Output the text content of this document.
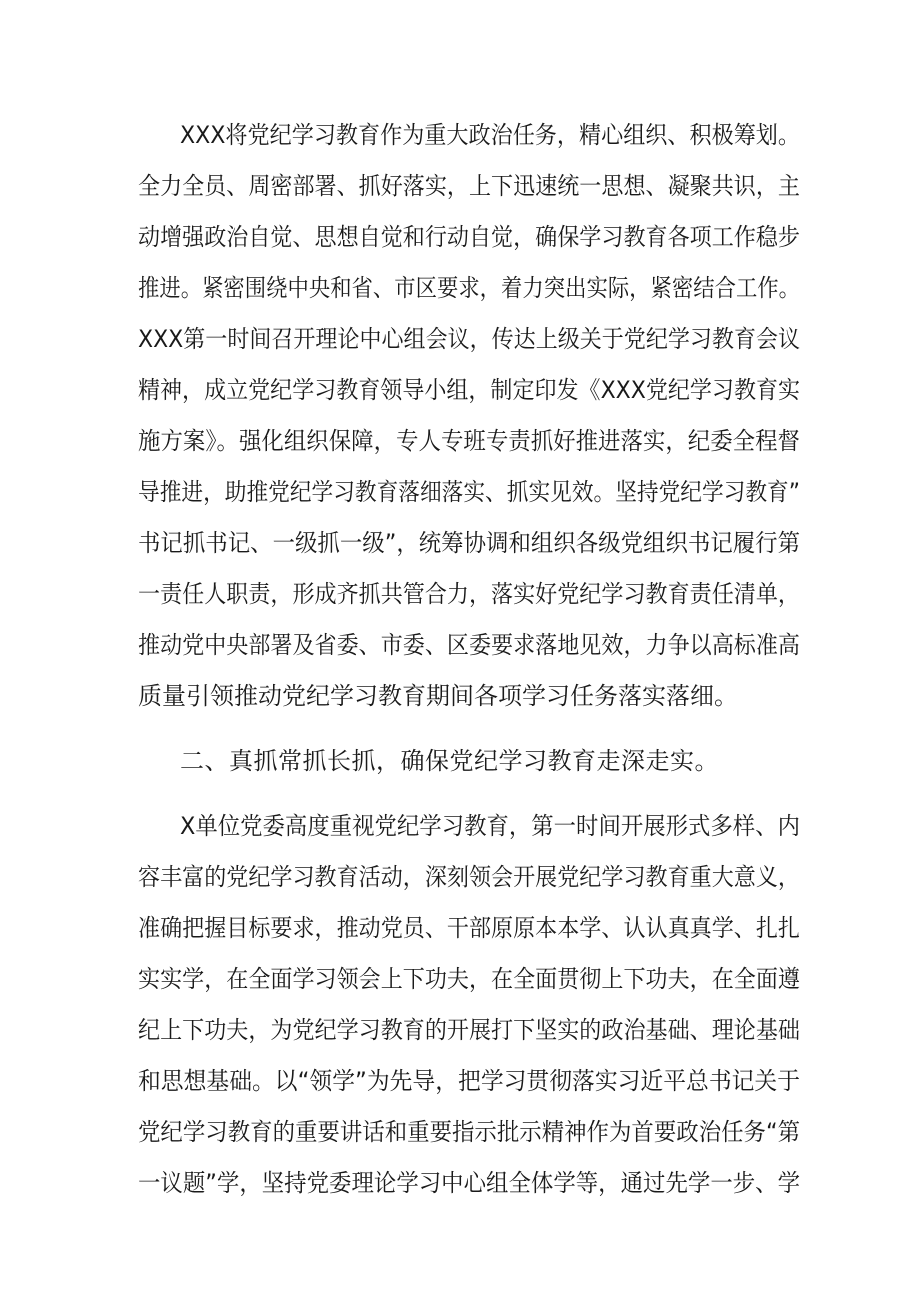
XXX将党纪学习教育作为重大政治任务，精心组织、积极筹划。
全力全员、周密部署、抓好落实，上下迅速统一思想、凝聚共识，主
动增强政治自觉、思想自觉和行动自觉，确保学习教育各项工作稳步
推进。紧密围绕中央和省、市区要求，着力突出实际，紧密结合工作。
XXX第一时间召开理论中心组会议，传达上级关于党纪学习教育会议
精神，成立党纪学习教育领导小组，制定印发《XXX党纪学习教育实
施方案》。强化组织保障，专人专班专责抓好推进落实，纪委全程督
导推进，助推党纪学习教育落细落实、抓实见效。坚持党纪学习教育”
书记抓书记、一级抓一级”，统筹协调和组织各级党组织书记履行第
一责任人职责，形成齐抓共管合力，落实好党纪学习教育责任清单，
推动党中央部署及省委、市委、区委要求落地见效，力争以高标准高
质量引领推动党纪学习教育期间各项学习任务落实落细。
二、真抓常抓长抓，确保党纪学习教育走深走实。
X单位党委高度重视党纪学习教育，第一时间开展形式多样、内
容丰富的党纪学习教育活动，深刻领会开展党纪学习教育重大意义，
准确把握目标要求，推动党员、干部原原本本学、认认真真学、扎扎
实实学，在全面学习领会上下功夫，在全面贯彻上下功夫，在全面遵
纪上下功夫，为党纪学习教育的开展打下坚实的政治基础、理论基础
和思想基础。以“领学”为先导，把学习贯彻落实习近平总书记关于
党纪学习教育的重要讲话和重要指示批示精神作为首要政治任务“第
一议题”学，坚持党委理论学习中心组全体学等，通过先学一步、学
